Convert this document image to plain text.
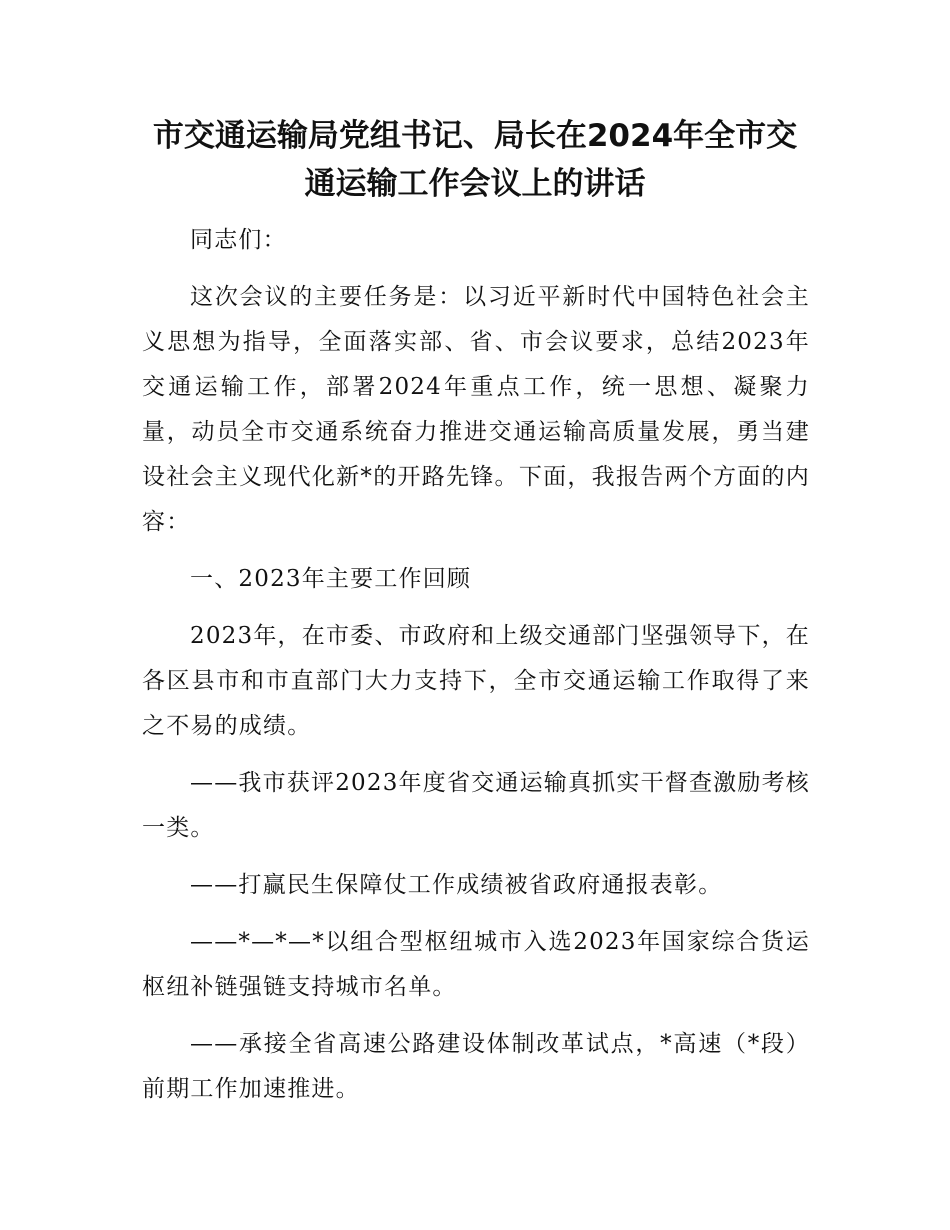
市交通运输局党组书记、局长在2024年全市交
通运输工作会议上的讲话

同志们：

这次会议的主要任务是：以习近平新时代中国特色社会主义思想为指导，全面落实部、省、市会议要求，总结2023年交通运输工作，部署2024年重点工作，统一思想、凝聚力量，动员全市交通系统奋力推进交通运输高质量发展，勇当建设社会主义现代化新*的开路先锋。下面，我报告两个方面的内容：

一、2023年主要工作回顾

2023年，在市委、市政府和上级交通部门坚强领导下，在各区县市和市直部门大力支持下，全市交通运输工作取得了来之不易的成绩。

——我市获评2023年度省交通运输真抓实干督查激励考核一类。

——打赢民生保障仗工作成绩被省政府通报表彰。

——*—*—*以组合型枢纽城市入选2023年国家综合货运枢纽补链强链支持城市名单。

——承接全省高速公路建设体制改革试点，*高速（*段）前期工作加速推进。
